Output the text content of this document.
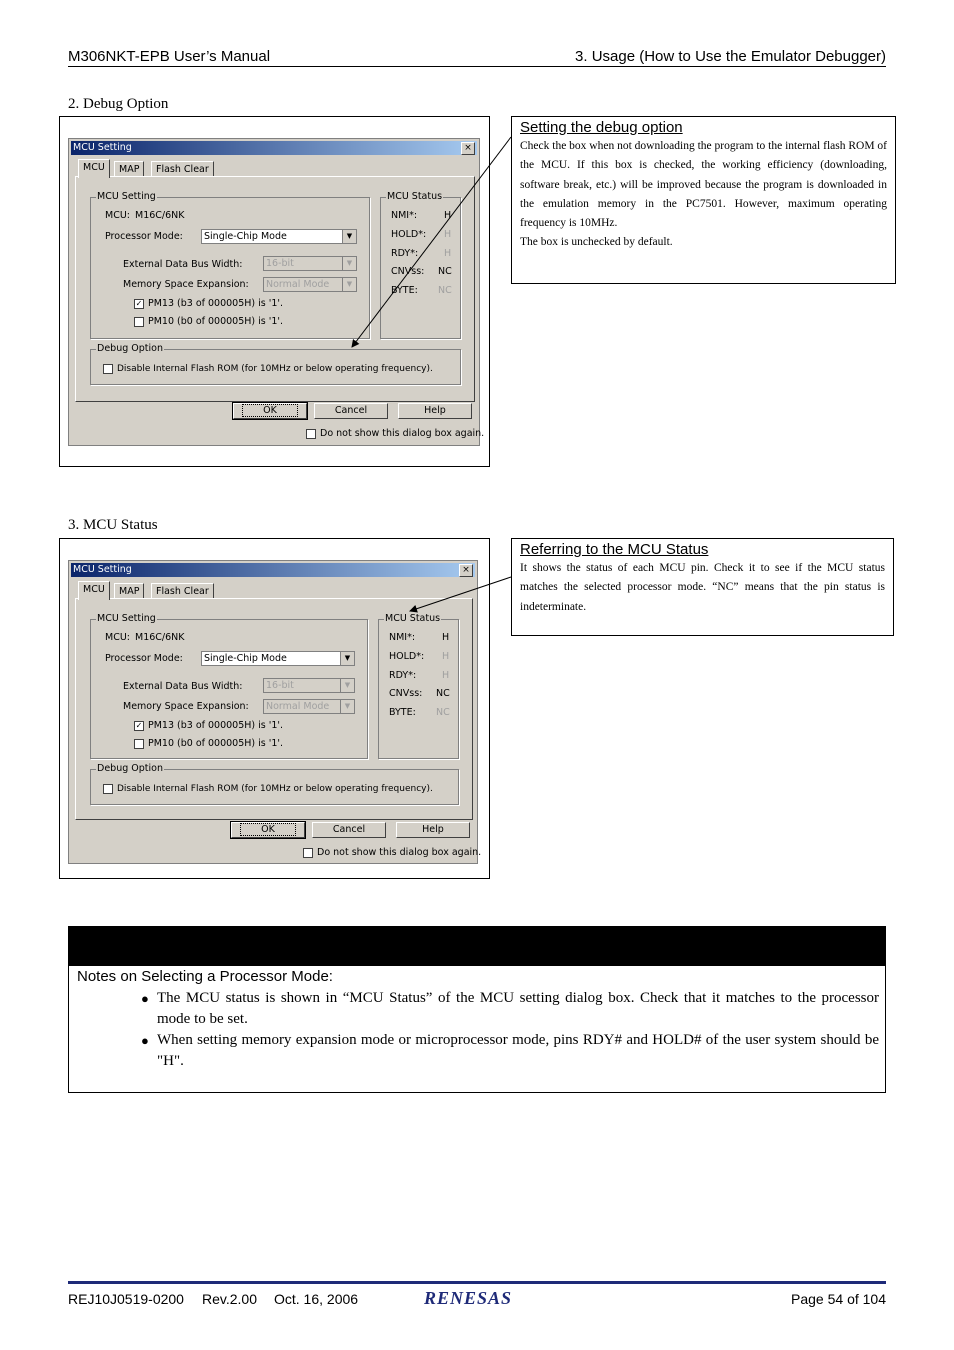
M306NKT-EPB User’s Manual	3. Usage (How to Use the Emulator Debugger)
2. Debug Option
Setting the debug option

Check the box when not downloading the program to the internal flash ROM of the MCU. If this box is checked, the working efficiency (downloading, software break, etc.) will be improved because the program is downloaded in the emulation memory in the PC7501. However, maximum operating frequency is 10MHz.

The box is unchecked by default.

MCU Setting	×
MCU	MAP	Flash Clear
MCU Setting
MCU: M16C/6NK
Processor Mode:	Single-Chip Mode	▼
External Data Bus Width:	16-bit	▼
Memory Space Expansion:	Normal Mode	▼
✓ PM13 (b3 of 000005H) is '1'.
PM10 (b0 of 000005H) is '1'.
MCU Status
NMI*:	H
HOLD*: H
RDY*:	H
CNVss: NC
BYTE: NC
Debug Option
Disable Internal Flash ROM (for 10MHz or below operating frequency).
OK	Cancel	Help
Do not show this dialog box again.
3. MCU Status
Referring to the MCU Status

It shows the status of each MCU pin. Check it to see if the MCU status matches the selected processor mode. “NC” means that the pin status is indeterminate.

MCU Setting	×
MCU	MAP	Flash Clear
MCU Setting
MCU: M16C/6NK
Processor Mode:	Single-Chip Mode	▼
External Data Bus Width:	16-bit	▼
Memory Space Expansion:	Normal Mode	▼
✓ PM13 (b3 of 000005H) is '1'.
PM10 (b0 of 000005H) is '1'.
MCU Status
NMI*:	H
HOLD*: H
RDY*:	H
CNVss: NC
BYTE: NC
Debug Option
Disable Internal Flash ROM (for 10MHz or below operating frequency).
OK	Cancel	Help
Do not show this dialog box again.
Notes on Selecting a Processor Mode:
● The MCU status is shown in “MCU Status” of the MCU setting dialog box. Check that it matches to the processor mode to be set.
● When setting memory expansion mode or microprocessor mode, pins RDY# and HOLD# of the user system should be "H".
REJ10J0519-0200 Rev.2.00 Oct. 16, 2006	RENESAS	Page 54 of 104
